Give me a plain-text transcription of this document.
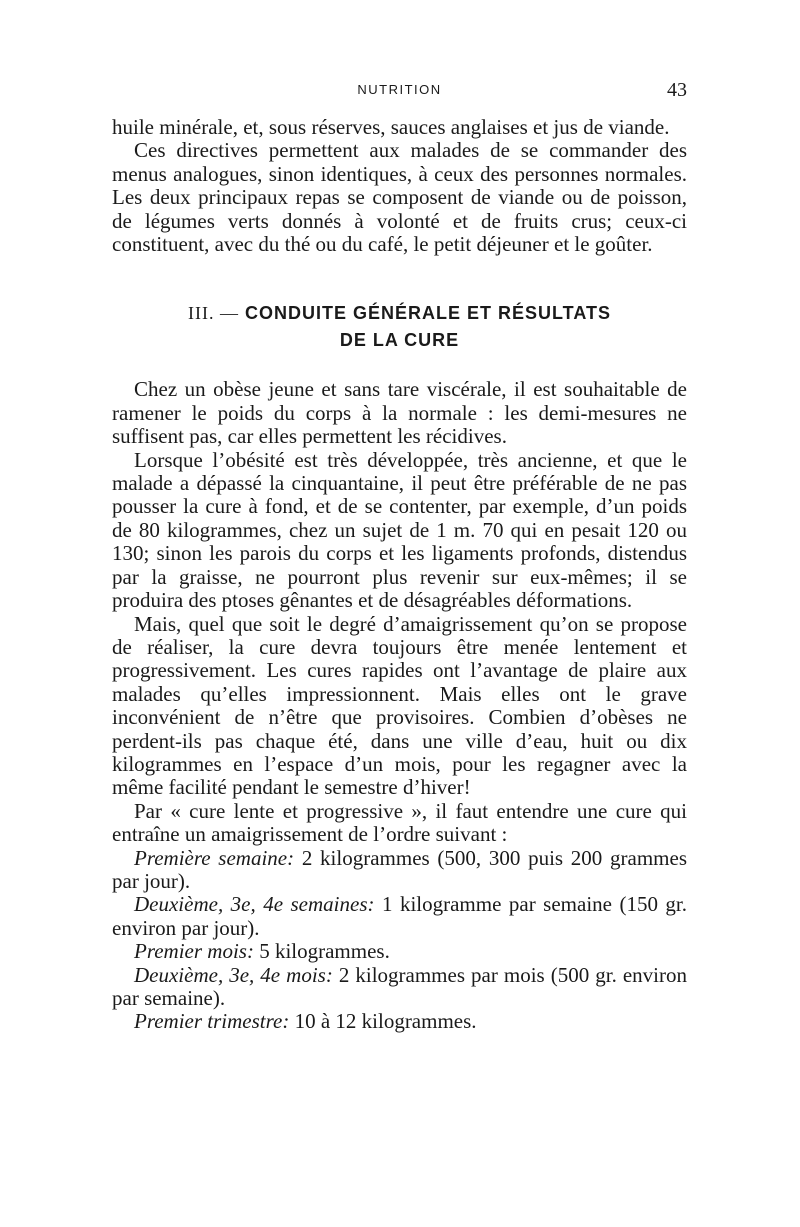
NUTRITION	43

huile minérale, et, sous réserves, sauces anglaises et jus de viande.

Ces directives permettent aux malades de se commander des menus analogues, sinon identiques, à ceux des personnes normales. Les deux principaux repas se composent de viande ou de poisson, de légumes verts donnés à volonté et de fruits crus; ceux-ci constituent, avec du thé ou du café, le petit déjeuner et le goûter.

III. — CONDUITE GÉNÉRALE ET RÉSULTATS
DE LA CURE

Chez un obèse jeune et sans tare viscérale, il est souhaitable de ramener le poids du corps à la normale : les demi-mesures ne suffisent pas, car elles permettent les récidives.

Lorsque l’obésité est très développée, très ancienne, et que le malade a dépassé la cinquantaine, il peut être préférable de ne pas pousser la cure à fond, et de se contenter, par exemple, d’un poids de 80 kilogrammes, chez un sujet de 1 m. 70 qui en pesait 120 ou 130; sinon les parois du corps et les ligaments profonds, distendus par la graisse, ne pourront plus revenir sur eux-mêmes; il se produira des ptoses gênantes et de désagréables déformations.

Mais, quel que soit le degré d’amaigrissement qu’on se propose de réaliser, la cure devra toujours être menée lentement et progressivement. Les cures rapides ont l’avantage de plaire aux malades qu’elles impressionnent. Mais elles ont le grave inconvénient de n’être que provisoires. Combien d’obèses ne perdent-ils pas chaque été, dans une ville d’eau, huit ou dix kilogrammes en l’espace d’un mois, pour les regagner avec la même facilité pendant le semestre d’hiver!

Par « cure lente et progressive », il faut entendre une cure qui entraîne un amaigrissement de l’ordre suivant :

Première semaine: 2 kilogrammes (500, 300 puis 200 grammes par jour).

Deuxième, 3e, 4e semaines: 1 kilogramme par semaine (150 gr. environ par jour).

Premier mois: 5 kilogrammes.

Deuxième, 3e, 4e mois: 2 kilogrammes par mois (500 gr. environ par semaine).

Premier trimestre: 10 à 12 kilogrammes.
